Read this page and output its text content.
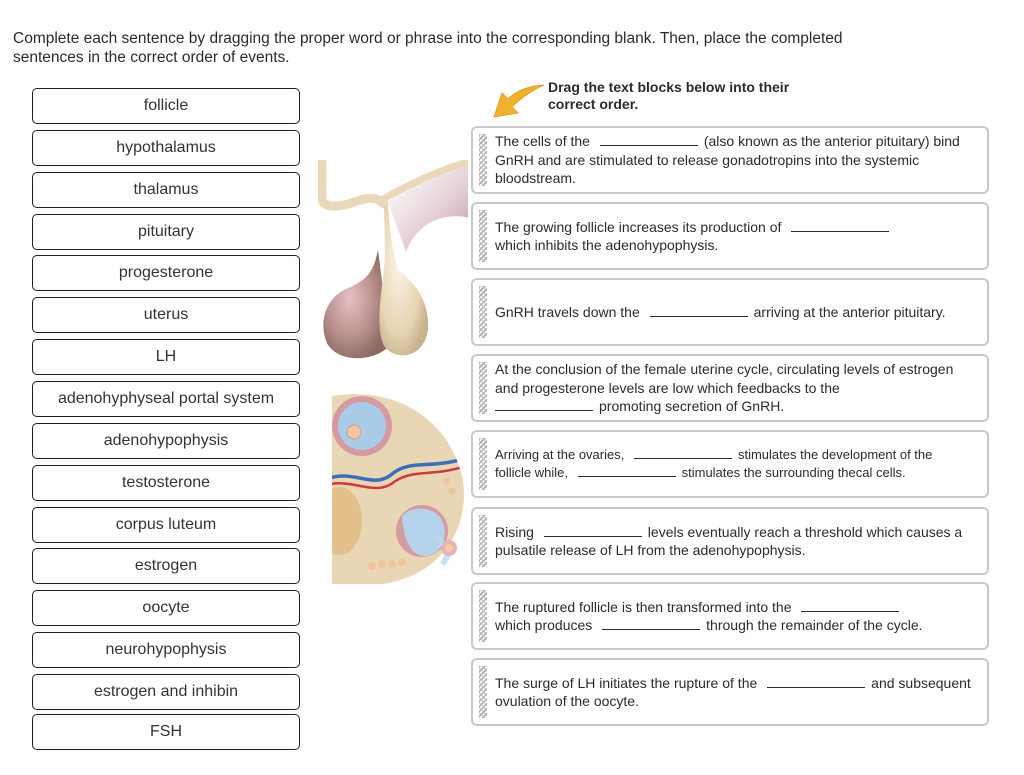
Complete each sentence by dragging the proper word or phrase into the corresponding blank. Then, place the completed
sentences in the correct order of events.
follicle
hypothalamus
thalamus
pituitary
progesterone
uterus
LH
adenohyphyseal portal system
adenohypophysis
testosterone
corpus luteum
estrogen
oocyte
neurohypophysis
estrogen and inhibin
FSH
Drag the text blocks below into their
correct order.
The cells of the	(also known as the anterior pituitary) bind GnRH and are stimulated to release gonadotropins into the systemic bloodstream.
The growing follicle increases its production of
which inhibits the adenohypophysis.
GnRH travels down the	arriving at the anterior pituitary.
At the conclusion of the female uterine cycle, circulating levels of estrogen and progesterone levels are low which feedbacks to the
promoting secretion of GnRH.
Arriving at the ovaries,	stimulates the development of the follicle while,	stimulates the surrounding thecal cells.
Rising	levels eventually reach a threshold which causes a pulsatile release of LH from the adenohypophysis.
The ruptured follicle is then transformed into the
which produces	through the remainder of the cycle.
The surge of LH initiates the rupture of the	and subsequent ovulation of the oocyte.
